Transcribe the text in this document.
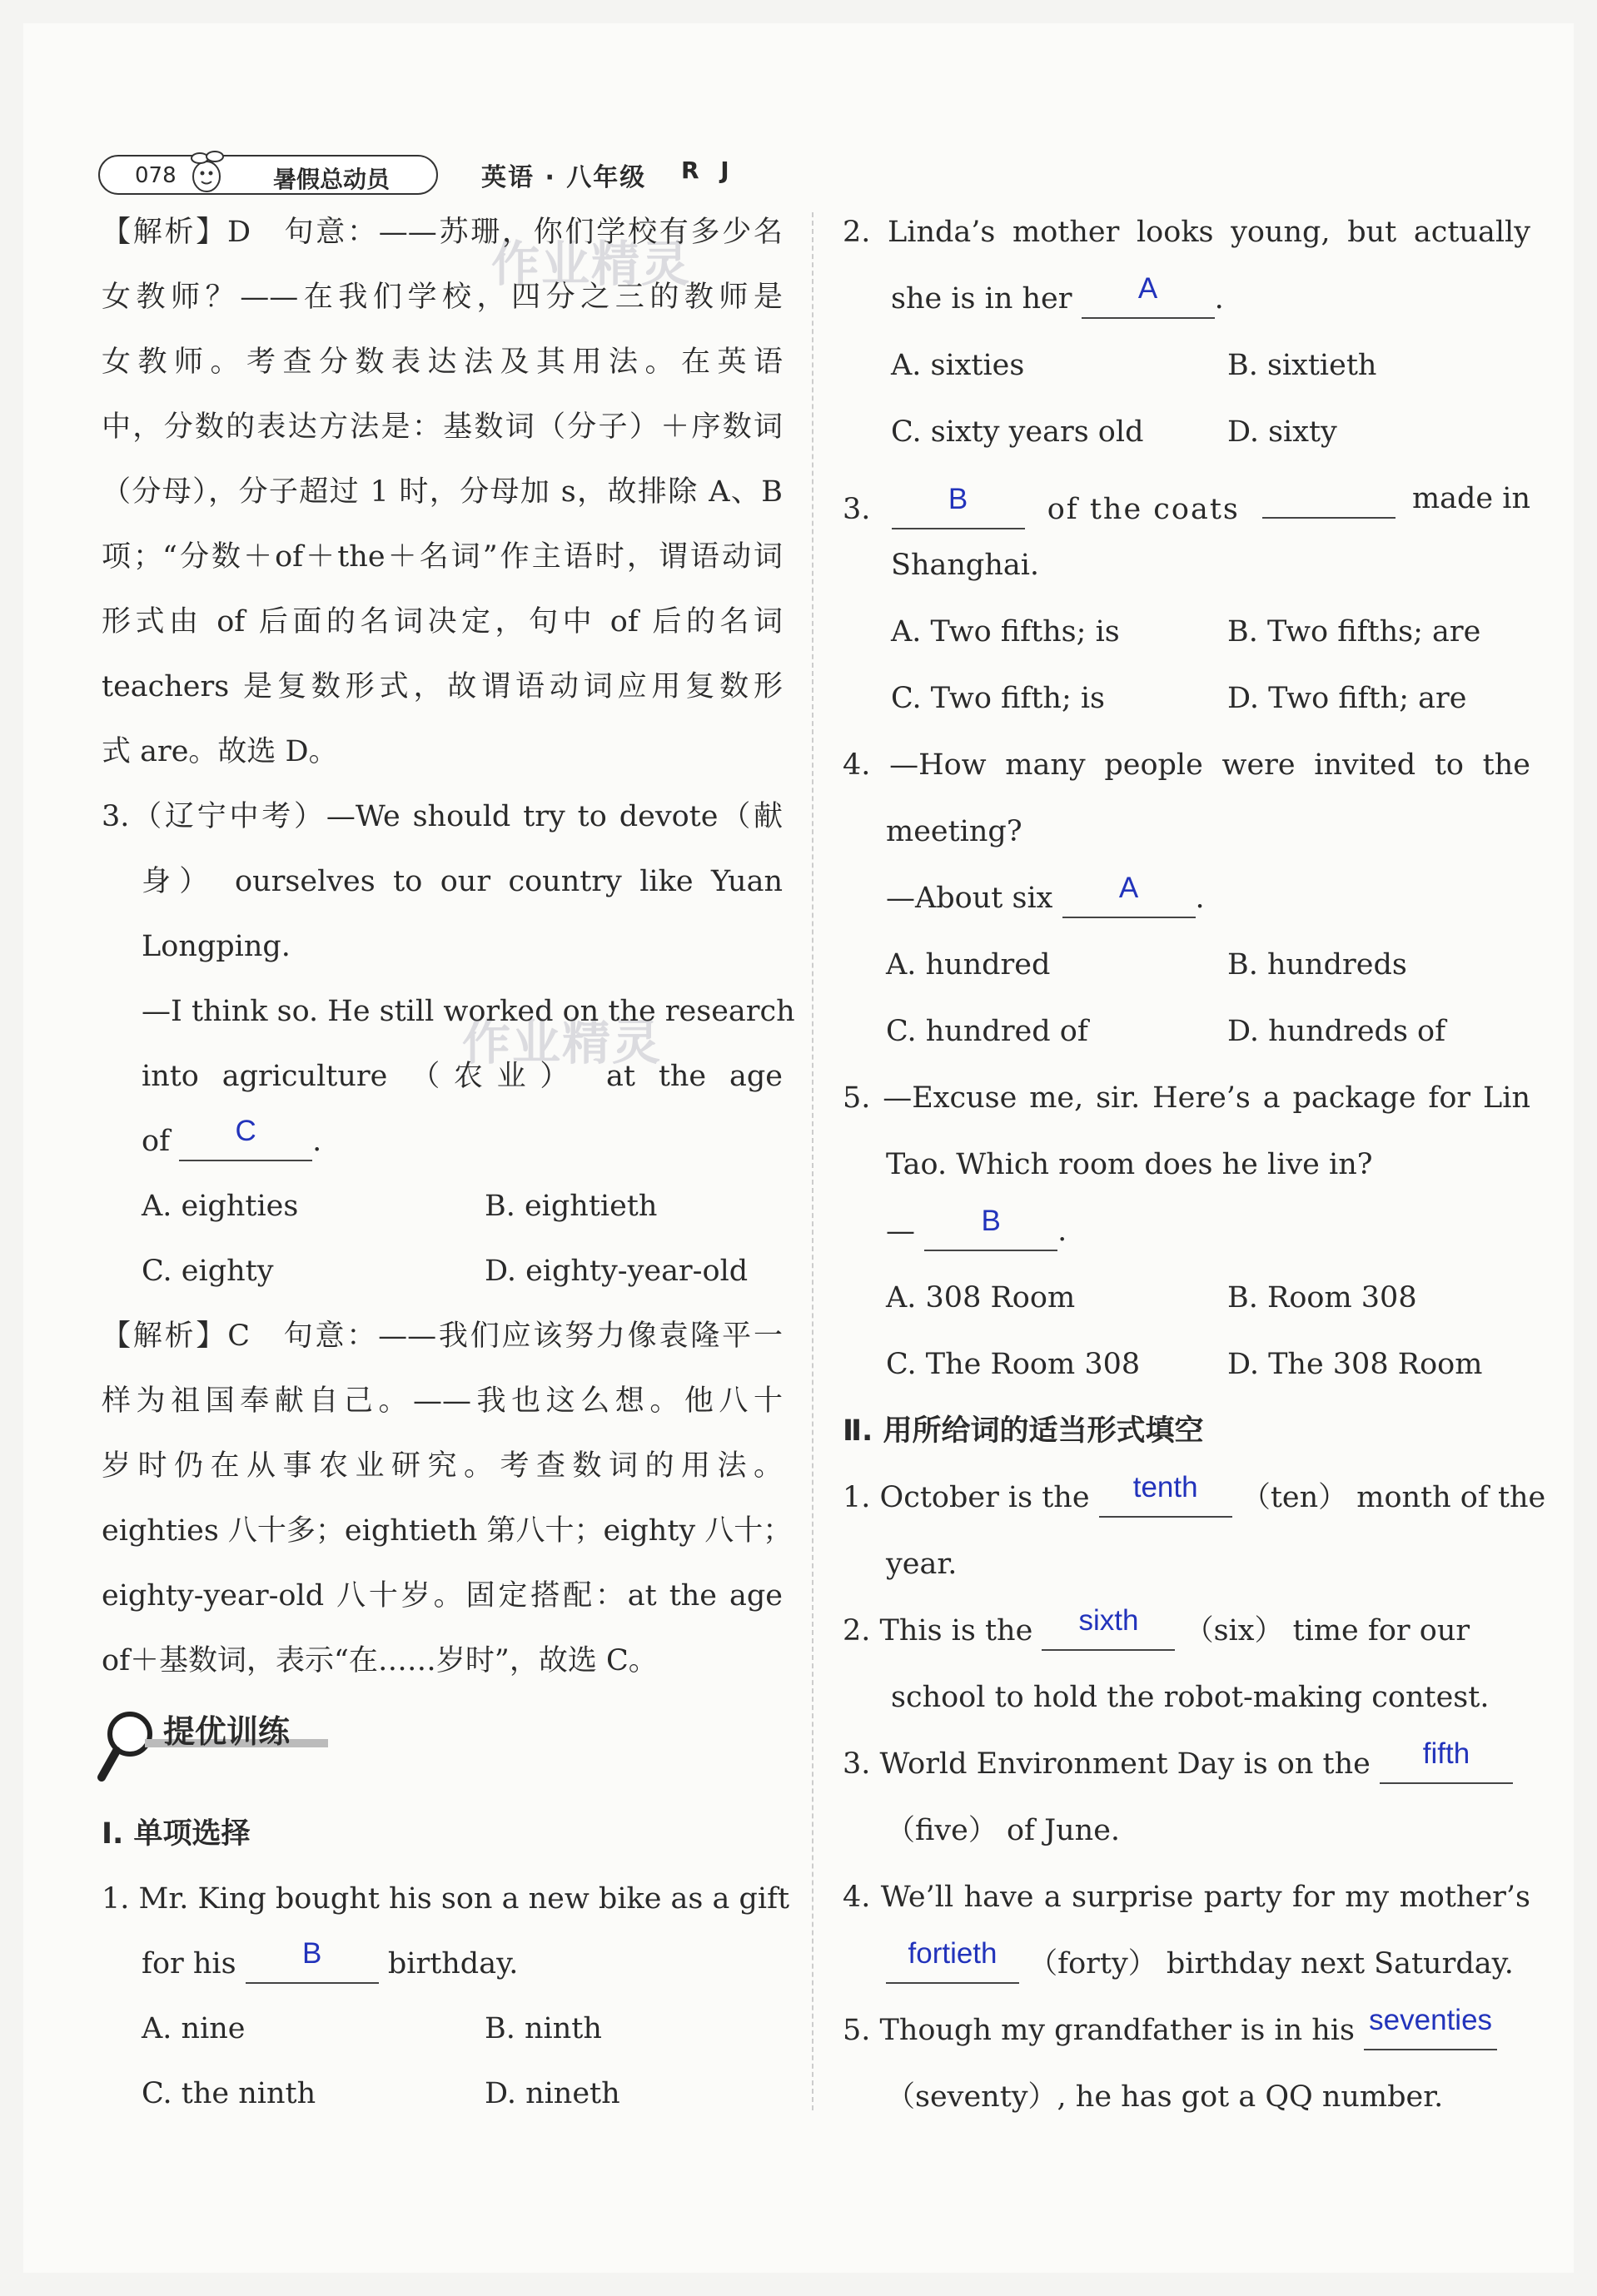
078	暑假总动员	英语 · 八年级 R J
作业精灵
作业精灵
【解析】D　句意：——苏珊，你们学校有多少名
女教师？——在我们学校，四分之三的教师是
女教师。考查分数表达法及其用法。在英语
中，分数的表达方法是：基数词（分子）＋序数词
（分母），分子超过 1 时，分母加 s，故排除 A、B
项；“分数＋of＋the＋名词”作主语时，谓语动词
形式由 of 后面的名词决定，句中 of 后的名词
teachers 是复数形式，故谓语动词应用复数形
式 are。故选 D。
3.（辽宁中考）—We should try to devote（献
身） ourselves to our country like Yuan
Longping.
—I think so. He still worked on the research
into agriculture （农业） at the age
of C .
A. eighties	B. eightieth
C. eighty	D. eighty-year-old
【解析】C　句意：——我们应该努力像袁隆平一
样为祖国奉献自己。——我也这么想。他八十
岁时仍在从事农业研究。考查数词的用法。
eighties 八十多；eightieth 第八十；eighty 八十；
eighty-year-old 八十岁。固定搭配：at the age
of＋基数词，表示“在……岁时”，故选 C。
提优训练
Ⅰ. 单项选择
1. Mr. King bought his son a new bike as a gift
for his B birthday.
A. nine	B. ninth
C. the ninth	D. nineth
2. Linda’s mother looks young, but actually
she is in her A .
A. sixties	B. sixtieth
C. sixty years old	D. sixty
3.	B	of the coats	made in
Shanghai.
A. Two fifths; is	B. Two fifths; are
C. Two fifth; is	D. Two fifth; are
4. —How many people were invited to the
meeting?
—About six A .
A. hundred	B. hundreds
C. hundred of	D. hundreds of
5. —Excuse me, sir. Here’s a package for Lin
Tao. Which room does he live in?
— B .
A. 308 Room	B. Room 308
C. The Room 308	D. The 308 Room
Ⅱ. 用所给词的适当形式填空
1. October is the tenth （ten） month of the
year.
2. This is the sixth （six） time for our
school to hold the robot-making contest.
3. World Environment Day is on the fifth
（five） of June.
4. We’ll have a surprise party for my mother’s
fortieth （forty） birthday next Saturday.
5. Though my grandfather is in his seventies
（seventy）, he has got a QQ number.
